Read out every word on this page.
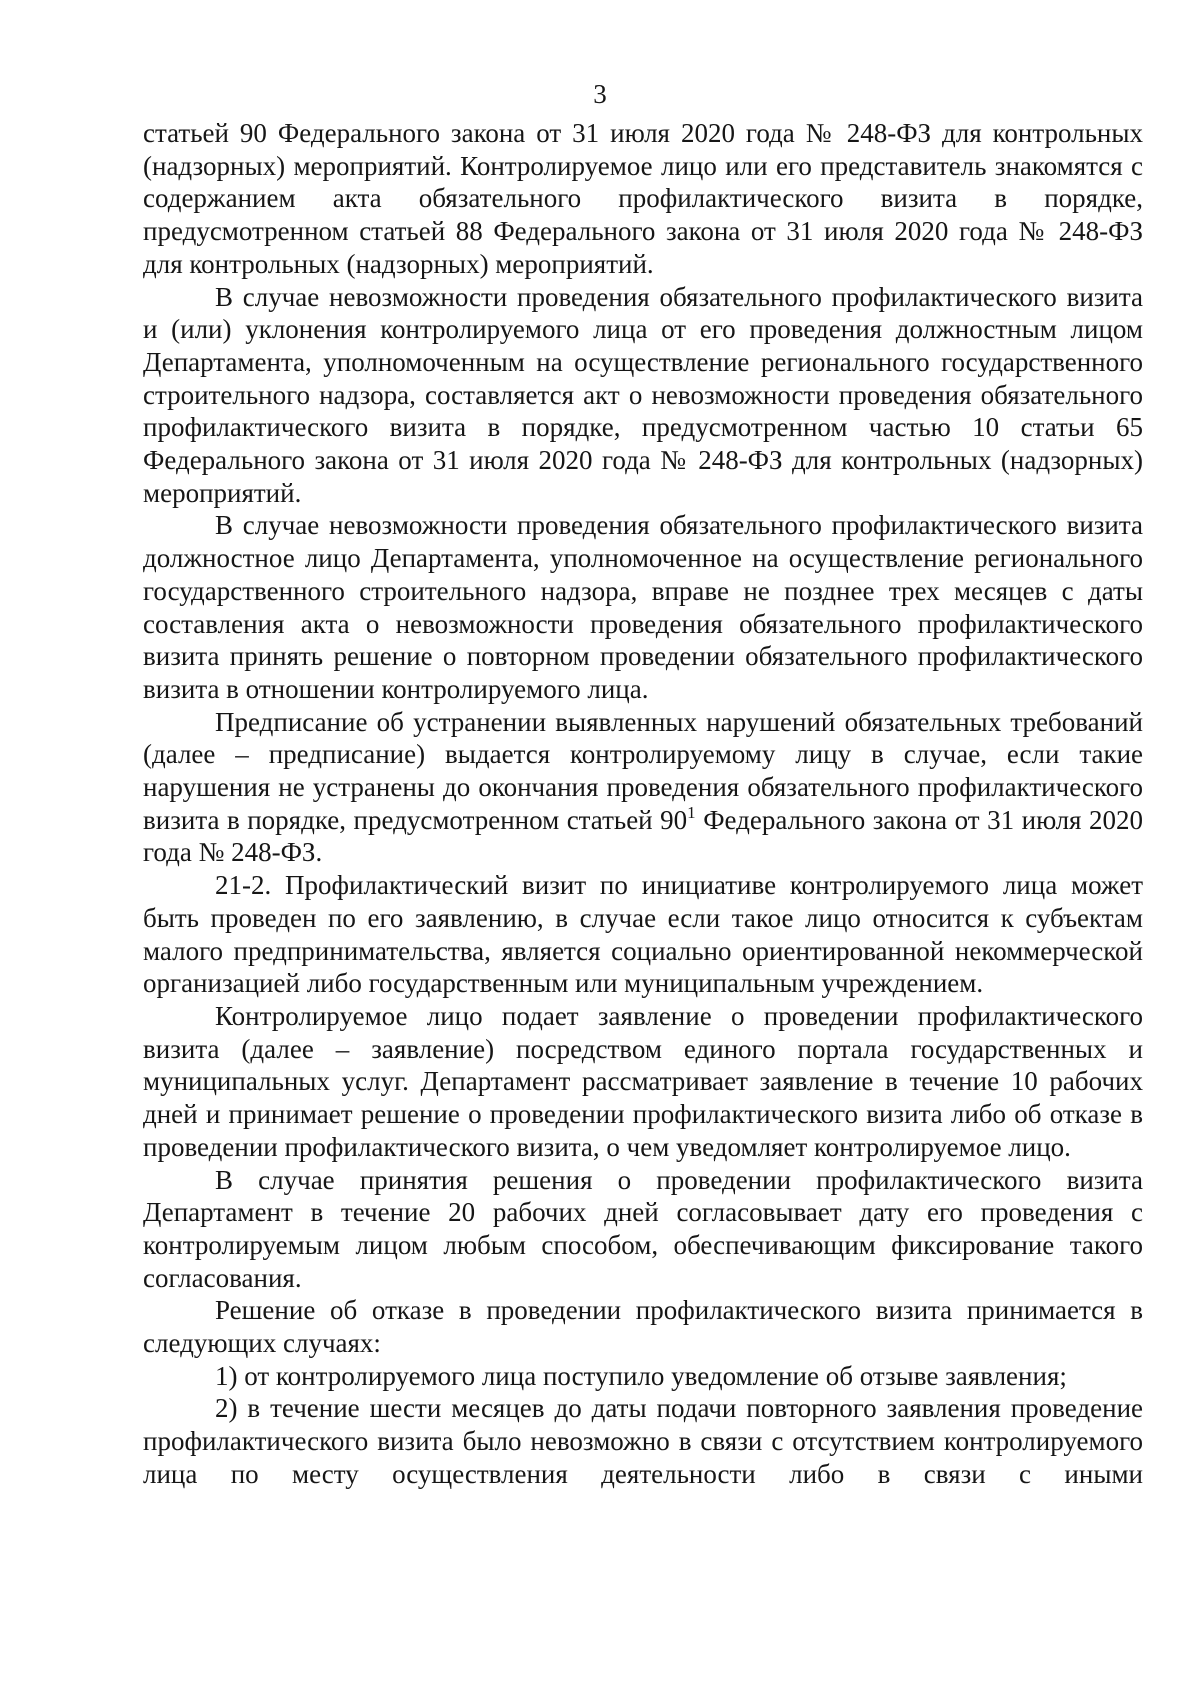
3

статьей 90 Федерального закона от 31 июля 2020 года № 248-ФЗ для контрольных (надзорных) мероприятий. Контролируемое лицо или его представитель знакомятся с содержанием акта обязательного профилактического визита в порядке, предусмотренном статьей 88 Федерального закона от 31 июля 2020 года № 248-ФЗ для контрольных (надзорных) мероприятий.

В случае невозможности проведения обязательного профилактического визита и (или) уклонения контролируемого лица от его проведения должностным лицом Департамента, уполномоченным на осуществление регионального государственного строительного надзора, составляется акт о невозможности проведения обязательного профилактического визита в порядке, предусмотренном частью 10 статьи 65 Федерального закона от 31 июля 2020 года № 248-ФЗ для контрольных (надзорных) мероприятий.

В случае невозможности проведения обязательного профилактического визита должностное лицо Департамента, уполномоченное на осуществление регионального государственного строительного надзора, вправе не позднее трех месяцев с даты составления акта о невозможности проведения обязательного профилактического визита принять решение о повторном проведении обязательного профилактического визита в отношении контролируемого лица.

Предписание об устранении выявленных нарушений обязательных требований (далее – предписание) выдается контролируемому лицу в случае, если такие нарушения не устранены до окончания проведения обязательного профилактического визита в порядке, предусмотренном статьей $90^1$ Федерального закона от 31 июля 2020 года № 248-ФЗ.

21-2. Профилактический визит по инициативе контролируемого лица может быть проведен по его заявлению, в случае если такое лицо относится к субъектам малого предпринимательства, является социально ориентированной некоммерческой организацией либо государственным или муниципальным учреждением.

Контролируемое лицо подает заявление о проведении профилактического визита (далее – заявление) посредством единого портала государственных и муниципальных услуг. Департамент рассматривает заявление в течение 10 рабочих дней и принимает решение о проведении профилактического визита либо об отказе в проведении профилактического визита, о чем уведомляет контролируемое лицо.

В случае принятия решения о проведении профилактического визита Департамент в течение 20 рабочих дней согласовывает дату его проведения с контролируемым лицом любым способом, обеспечивающим фиксирование такого согласования.

Решение об отказе в проведении профилактического визита принимается в следующих случаях:

1) от контролируемого лица поступило уведомление об отзыве заявления;

2) в течение шести месяцев до даты подачи повторного заявления проведение профилактического визита было невозможно в связи с отсутствием контролируемого лица по месту осуществления деятельности либо в связи с иными
